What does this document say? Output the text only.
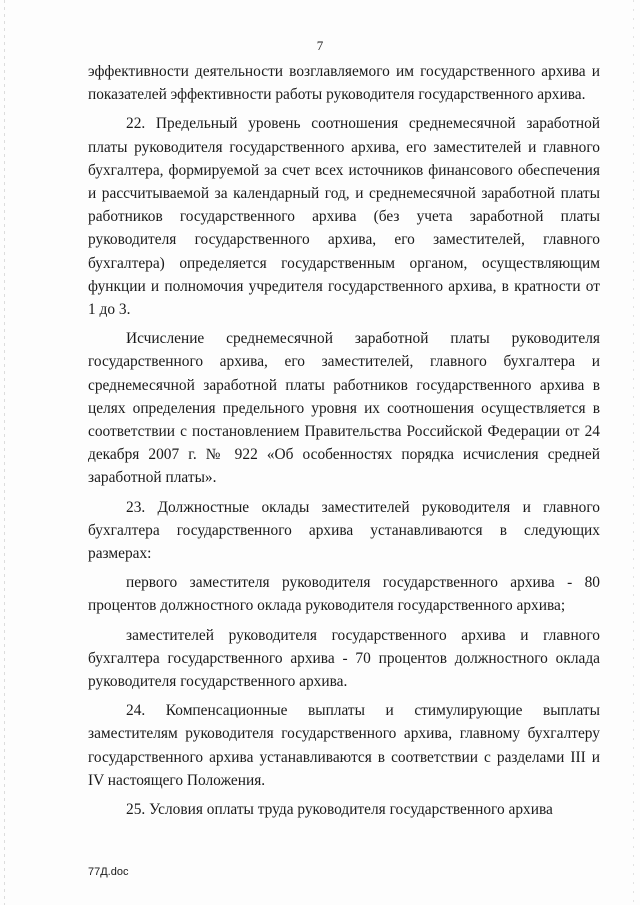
7

эффективности деятельности возглавляемого им государственного архива и показателей эффективности работы руководителя государственного архива.

22. Предельный уровень соотношения среднемесячной заработной платы руководителя государственного архива, его заместителей и главного бухгалтера, формируемой за счет всех источников финансового обеспечения и рассчитываемой за календарный год, и среднемесячной заработной платы работников государственного архива (без учета заработной платы руководителя государственного архива, его заместителей, главного бухгалтера) определяется государственным органом, осуществляющим функции и полномочия учредителя государственного архива, в кратности от 1 до 3.

Исчисление среднемесячной заработной платы руководителя государственного архива, его заместителей, главного бухгалтера и среднемесячной заработной платы работников государственного архива в целях определения предельного уровня их соотношения осуществляется в соответствии с постановлением Правительства Российской Федерации от 24 декабря 2007 г. № 922 «Об особенностях порядка исчисления средней заработной платы».

23. Должностные оклады заместителей руководителя и главного бухгалтера государственного архива устанавливаются в следующих размерах:

первого заместителя руководителя государственного архива - 80 процентов должностного оклада руководителя государственного архива;

заместителей руководителя государственного архива и главного бухгалтера государственного архива - 70 процентов должностного оклада руководителя государственного архива.

24. Компенсационные выплаты и стимулирующие выплаты заместителям руководителя государственного архива, главному бухгалтеру государственного архива устанавливаются в соответствии с разделами III и IV настоящего Положения.

25. Условия оплаты труда руководителя государственного архива

77Д.doc
